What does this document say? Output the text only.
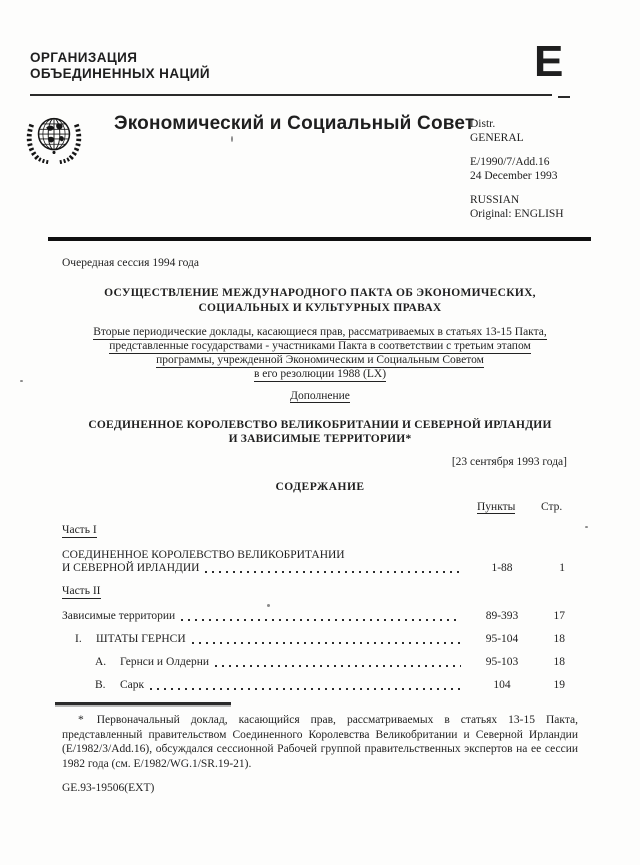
ОРГАНИЗАЦИЯ
ОБЪЕДИНЕННЫХ НАЦИЙ	E
Экономический и Социальный Совет
Distr.
GENERAL
E/1990/7/Add.16
24 December 1993
RUSSIAN
Original: ENGLISH
Очередная сессия 1994 года
ОСУЩЕСТВЛЕНИЕ МЕЖДУНАРОДНОГО ПАКТА ОБ ЭКОНОМИЧЕСКИХ,
СОЦИАЛЬНЫХ И КУЛЬТУРНЫХ ПРАВАХ
Вторые периодические доклады, касающиеся прав, рассматриваемых в статьях 13-15 Пакта,
представленные государствами - участниками Пакта в соответствии с третьим этапом
программы, учрежденной Экономическим и Социальным Советом
в его резолюции 1988 (LX)
Дополнение
СОЕДИНЕННОЕ КОРОЛЕВСТВО ВЕЛИКОБРИТАНИИ И СЕВЕРНОЙ ИРЛАНДИИ
И ЗАВИСИМЫЕ ТЕРРИТОРИИ*
[23 сентября 1993 года]
СОДЕРЖАНИЕ
Пункты Стр.
Часть I
СОЕДИНЕННОЕ КОРОЛЕВСТВО ВЕЛИКОБРИТАНИИ
И СЕВЕРНОЙ ИРЛАНДИИ	1-88	1
Часть II
Зависимые территории	89-393	17
I.	ШТАТЫ ГЕРНСИ	95-104	18
А.	Гернси и Олдерни	95-103	18
В.	Сарк	104	19
* Первоначальный доклад, касающийся прав, рассматриваемых в статьях 13-15 Пакта, представленный правительством Соединенного Королевства Великобритании и Северной Ирландии (E/1982/3/Add.16), обсуждался сессионной Рабочей группой правительственных экспертов на ее сессии 1982 года (см. E/1982/WG.1/SR.19-21).
GE.93-19506(EXT)
